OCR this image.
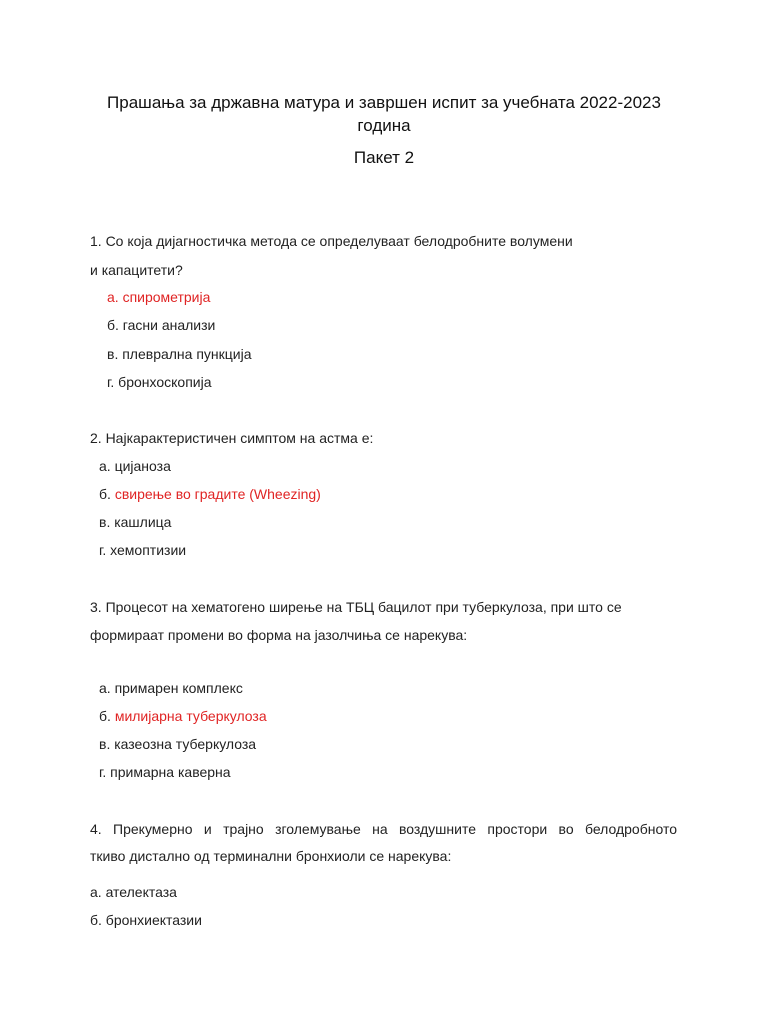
Прашања за државна матура и завршен испит за учебната 2022-2023 година
Пакет 2
1. Со која дијагностичка метода се определуваат белодробните волумени
и капацитети?
а. спирометрија
б. гасни анализи
в. плеврална пункција
г. бронхоскопија
2. Најкарактеристичен симптом на астма е:
а. цијаноза
б. свирење во градите (Wheezing)
в. кашлица
г. хемоптизии
3. Процесот на хематогено ширење на ТБЦ бацилот при туберкулоза, при што се
формираат промени во форма на јазолчиња се нарекува:
а. примарен комплекс
б. милијарна туберкулоза
в. казеозна туберкулоза
г. примарна каверна
4. Прекумерно и трајно зголемување на воздушните простори во белодробното
ткиво дистално од терминални бронхиоли се нарекува:
а. ателектаза
б. бронхиектазии
